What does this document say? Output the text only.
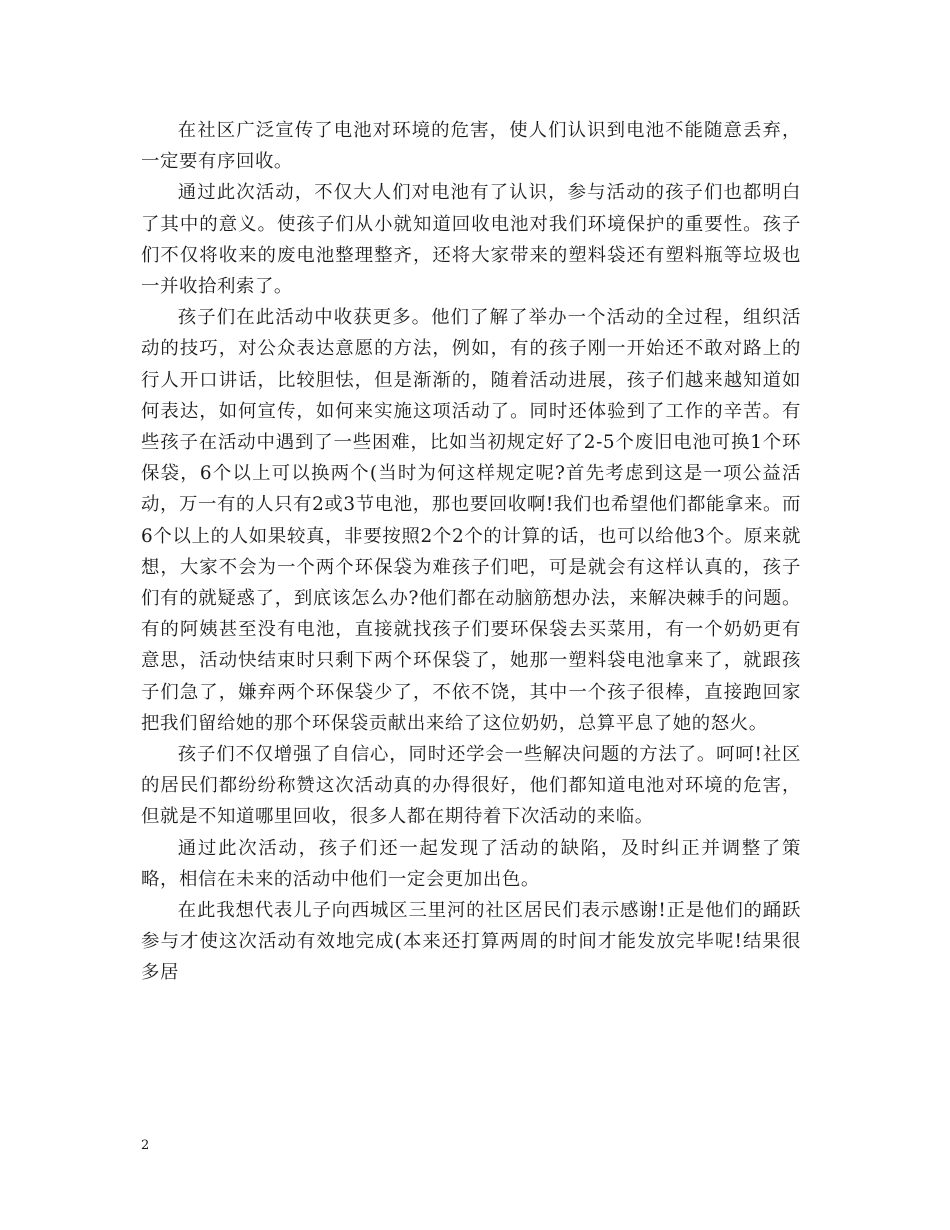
在社区广泛宣传了电池对环境的危害，使人们认识到电池不能随意丢弃，一定要有序回收。

通过此次活动，不仅大人们对电池有了认识，参与活动的孩子们也都明白了其中的意义。使孩子们从小就知道回收电池对我们环境保护的重要性。孩子们不仅将收来的废电池整理整齐，还将大家带来的塑料袋还有塑料瓶等垃圾也一并收拾利索了。

孩子们在此活动中收获更多。他们了解了举办一个活动的全过程，组织活动的技巧，对公众表达意愿的方法，例如，有的孩子刚一开始还不敢对路上的行人开口讲话，比较胆怯，但是渐渐的，随着活动进展，孩子们越来越知道如何表达，如何宣传，如何来实施这项活动了。同时还体验到了工作的辛苦。有些孩子在活动中遇到了一些困难，比如当初规定好了2-5个废旧电池可换1个环保袋，6个以上可以换两个(当时为何这样规定呢?首先考虑到这是一项公益活动，万一有的人只有2或3节电池，那也要回收啊!我们也希望他们都能拿来。而6个以上的人如果较真，非要按照2个2个的计算的话，也可以给他3个。原来就想，大家不会为一个两个环保袋为难孩子们吧，可是就会有这样认真的，孩子们有的就疑惑了，到底该怎么办?他们都在动脑筋想办法，来解决棘手的问题。有的阿姨甚至没有电池，直接就找孩子们要环保袋去买菜用，有一个奶奶更有意思，活动快结束时只剩下两个环保袋了，她那一塑料袋电池拿来了，就跟孩子们急了，嫌弃两个环保袋少了，不依不饶，其中一个孩子很棒，直接跑回家把我们留给她的那个环保袋贡献出来给了这位奶奶，总算平息了她的怒火。

孩子们不仅增强了自信心，同时还学会一些解决问题的方法了。呵呵!社区的居民们都纷纷称赞这次活动真的办得很好，他们都知道电池对环境的危害，但就是不知道哪里回收，很多人都在期待着下次活动的来临。

通过此次活动，孩子们还一起发现了活动的缺陷，及时纠正并调整了策略，相信在未来的活动中他们一定会更加出色。

在此我想代表儿子向西城区三里河的社区居民们表示感谢!正是他们的踊跃参与才使这次活动有效地完成(本来还打算两周的时间才能发放完毕呢!结果很多居

2
